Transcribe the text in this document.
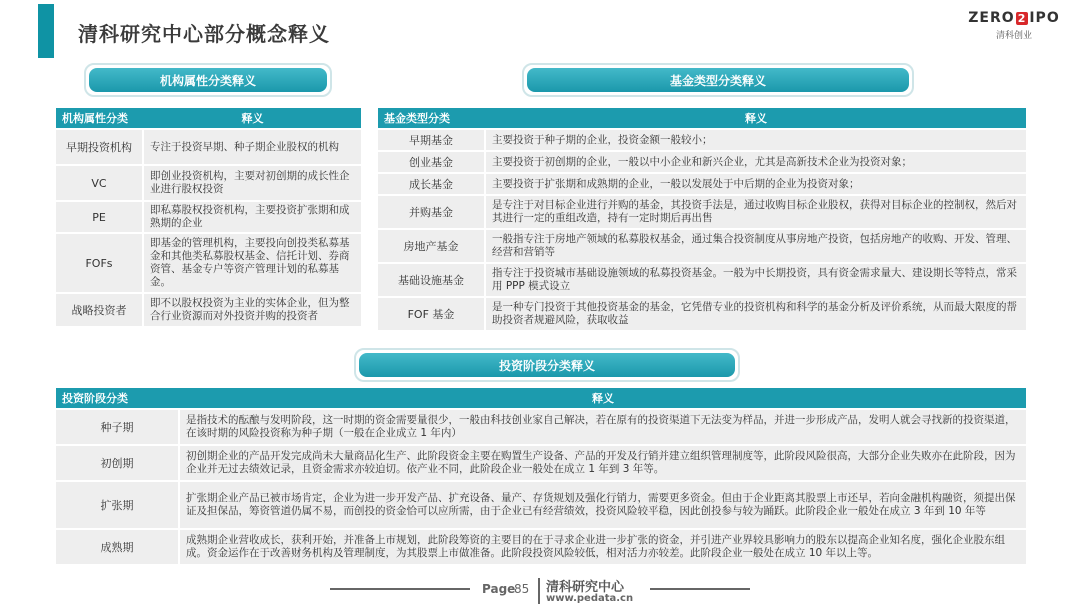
清科研究中心部分概念释义
ZERO 2 IPO
清科创业
机构属性分类释义
机构属性分类	释义
早期投资机构	专注于投资早期、种子期企业股权的机构
VC	即创业投资机构，主要对初创期的成长性企业进行股权投资
PE	即私募股权投资机构，主要投资扩张期和成熟期的企业
FOFs	即基金的管理机构，主要投向创投类私募基金和其他类私募股权基金、信托计划、券商资管、基金专户等资产管理计划的私募基金。
战略投资者	即不以股权投资为主业的实体企业，但为整合行业资源而对外投资并购的投资者
基金类型分类释义
基金类型分类	释义
早期基金	主要投资于种子期的企业，投资金额一般较小；
创业基金	主要投资于初创期的企业，一般以中小企业和新兴企业，尤其是高新技术企业为投资对象；
成长基金	主要投资于扩张期和成熟期的企业，一般以发展处于中后期的企业为投资对象；
并购基金	是专注于对目标企业进行并购的基金，其投资手法是，通过收购目标企业股权，获得对目标企业的控制权，然后对其进行一定的重组改造，持有一定时期后再出售
房地产基金	一般指专注于房地产领域的私募股权基金，通过集合投资制度从事房地产投资，包括房地产的收购、开发、管理、经营和营销等
基础设施基金	指专注于投资城市基础设施领域的私募投资基金。一般为中长期投资，具有资金需求量大、建设期长等特点，常采用 PPP 模式设立
FOF 基金	是一种专门投资于其他投资基金的基金，它凭借专业的投资机构和科学的基金分析及评价系统，从而最大限度的帮助投资者规避风险，获取收益
投资阶段分类释义
投资阶段分类	释义
种子期	是指技术的酝酿与发明阶段，这一时期的资金需要量很少，一般由科技创业家自己解决，若在原有的投资渠道下无法变为样品，并进一步形成产品，发明人就会寻找新的投资渠道，在该时期的风险投资称为种子期（一般在企业成立 1 年内）
初创期	初创期企业的产品开发完成尚未大量商品化生产、此阶段资金主要在购置生产设备、产品的开发及行销并建立组织管理制度等，此阶段风险很高，大部分企业失败亦在此阶段，因为企业并无过去绩效记录，且资金需求亦较迫切。依产业不同，此阶段企业一般处在成立 1 年到 3 年等。
扩张期	扩张期企业产品已被市场肯定，企业为进一步开发产品、扩充设备、量产、存货规划及强化行销力，需要更多资金。但由于企业距离其股票上市还早，若向金融机构融资，须提出保证及担保品，筹资管道仍属不易，而创投的资金恰可以应所需，由于企业已有经营绩效，投资风险较平稳，因此创投参与较为踊跃。此阶段企业一般处在成立 3 年到 10 年等
成熟期	成熟期企业营收成长，获利开始，并准备上市规划，此阶段筹资的主要目的在于寻求企业进一步扩张的资金，并引进产业界较具影响力的股东以提高企业知名度，强化企业股东组成。资金运作在于改善财务机构及管理制度，为其股票上市做准备。此阶段投资风险较低，相对活力亦较差。此阶段企业一般处在成立 10 年以上等。
Page
85 清科研究中心
www.pedata.cn
